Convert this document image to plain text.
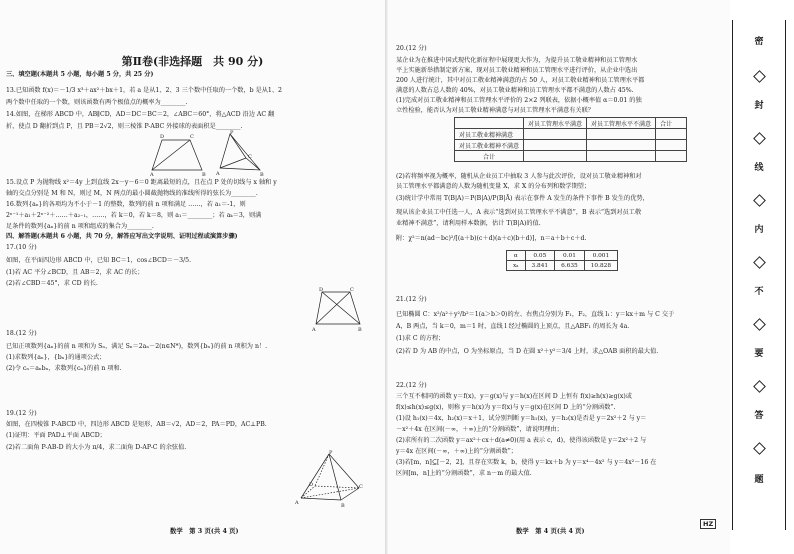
第Ⅱ卷(非选择题　共 90 分)

三、填空题(本题共 5 小题，每小题 5 分，共 25 分)

13.已知函数 f(x)＝－1/3 x³＋ax²＋bx＋1，若 a 是从1、2、3 三个数中任取的一个数，b 是从1、2

两个数中任取的一个数，则该函数有两个极值点的概率为________.

14.如图，在梯形 ABCD 中，AB∥CD，AD＝DC＝BC＝2，∠ABC＝60°，将△ACD 沿边 AC 翻

折，使点 D 翻折到点 P，且 PB＝2√2，则三棱锥 P-ABC 外接球的表面积是________.

D	C
A	B
P
C
A	B

15.设点 P 为抛物线 x²＝4y 上到直线 2x－y－6＝0 距离最短的点，且在点 P 处的切线与 x 轴和 y

轴的交点分别是 M 和 N，则过 M，N 两点的最小圆截抛物线的准线所得的弦长为________.

16.数列{aₙ}的各项均为不小于－1 的整数，数列的前 n 项和满足 ……，若 a₁＝-1，则

2ⁿ⁻¹＋a₁＋2ⁿ⁻²＋……＋a₂₋₁，……，若 k＝0，若 k＝8，则 a₁＝________；若 aₖ＝3，则满

足条件的数列{aₙ}的前 n 项和组成的集合为________.

四、解答题(本题共 6 小题，共 70 分，解答应写出文字说明、证明过程或演算步骤)

17.(10 分)

如图，在平面四边形 ABCD 中，已知 BC＝1，cos∠BCD＝－3/5.

(1)若 AC 平分∠BCD，且 AB＝2，求 AC 的长；

(2)若∠CBD＝45°，求 CD 的长.

D	C
A	B

18.(12 分)

已知正项数列{aₙ}的前 n 项和为 Sₙ，满足 Sₙ＝2aₙ－2(n∈N*)，数列{bₙ}的前 n 项积为 n！.

(1)求数列{aₙ}，{bₙ}的通项公式；

(2)令 cₙ＝aₙbₙ，求数列{cₙ}的前 n 项和.

19.(12 分)

如图，在四棱锥 P-ABCD 中，四边形 ABCD 是矩形，AB＝√2，AD＝2，PA＝PD，AC⊥PB.

(1)证明：平面 PAD⊥平面 ABCD；

(2)若二面角 P-AB-D 的大小为 π/4，求二面角 D-AP-C 的余弦值.

P
D	C
A	B

数学　第 3 页(共 4 页)

20.(12 分)

某企业为在推进中国式现代化新征程中展现更大作为，为提升员工敬业精神和员工管理水

平上实施新举措制定新方案，现对员工敬业精神和员工管理水平进行评价，从企业中选出

200 人进行统计，其中对员工敬业精神满意的占 50 人，对员工敬业精神和员工管理水平都

满意的人数占总人数的 40%，对员工敬业精神和员工管理水平都不满意的人数占 45%.

(1)完成对员工敬业精神和员工管理水平评价的 2×2 列联表，依据小概率值 α＝0.01 的独

立性检验，能否认为对员工敬业精神满意与对员工管理水平满意有关联？

	对员工管理水平满意	对员工管理水平不满意	合计
对员工敬业精神满意			
对员工敬业精神不满意			
合计			

(2)若将频率视为概率，随机从企业员工中抽取 3 人参与此次评价，设对员工敬业精神和对

员工管理水平都满意的人数为随机变量 X，求 X 的分布列和数学期望；

(3)统计学中常用 T(B|A)＝P(B|A)/P(B|Ā) 表示在事件 A 发生的条件下事件 B 发生的优势，

现从该企业员工中任选一人，A 表示“选到对员工管理水平不满意”，B 表示“选到对员工敬

业精神不满意”，请利用样本数据，估计 T(B|A)的值.

附：χ²＝n(ad－bc)²/[(a＋b)(c＋d)(a＋c)(b＋d)]，n＝a＋b＋c＋d.

α	0.05	0.01	0.001
xₐ	3.841	6.635	10.828

21.(12 分)

已知椭圆 C：x²/a²＋y²/b²＝1(a＞b＞0)的左、右焦点分别为 F₁，F₂，直线 l₁：y＝kx＋m 与 C 交于

A，B 两点，当 k＝0，m＝1 时，直线 l 经过椭圆的上顶点，且△ABF₁ 的周长为 4a.

(1)求 C 的方程；

(2)若 D 为 AB 的中点，O 为坐标原点，当 D 在圆 x²＋y²＝3/4 上时，求△OAB 面积的最大值.

22.(12 分)

三个互不相同的函数 y＝f(x)，y＝g(x)与 y＝h(x)在区间 D 上恒有 f(x)≥h(x)≥g(x)或

f(x)≤h(x)≤g(x)，则称 y＝h(x)为 y＝f(x)与 y＝g(x)在区间 D 上的“分割函数”.

(1)设 h₁(x)＝4x，h₂(x)＝x＋1，试分别判断 y＝h₁(x)，y＝h₂(x)是否是 y＝2x²＋2 与 y＝

－x²＋4x 在区间(－∞，＋∞)上的“分割函数”，请说明理由；

(2)求所有的二次函数 y＝ax²＋cx＋d(a≠0)(用 a 表示 c，d)，使得该函数是 y＝2x²＋2 与

y＝4x 在区间(－∞，＋∞)上的“分割函数”；

(3)若[m，n]⊆[－2，2]，且存在实数 k，b，使得 y＝kx＋b 为 y＝x⁴－4x² 与 y＝4x²－16 在

区间[m，n]上的“分割函数”，求 n－m 的最大值.

数学　第 4 页(共 4 页)

HZ
密
封
线
内
不
要
答
题
